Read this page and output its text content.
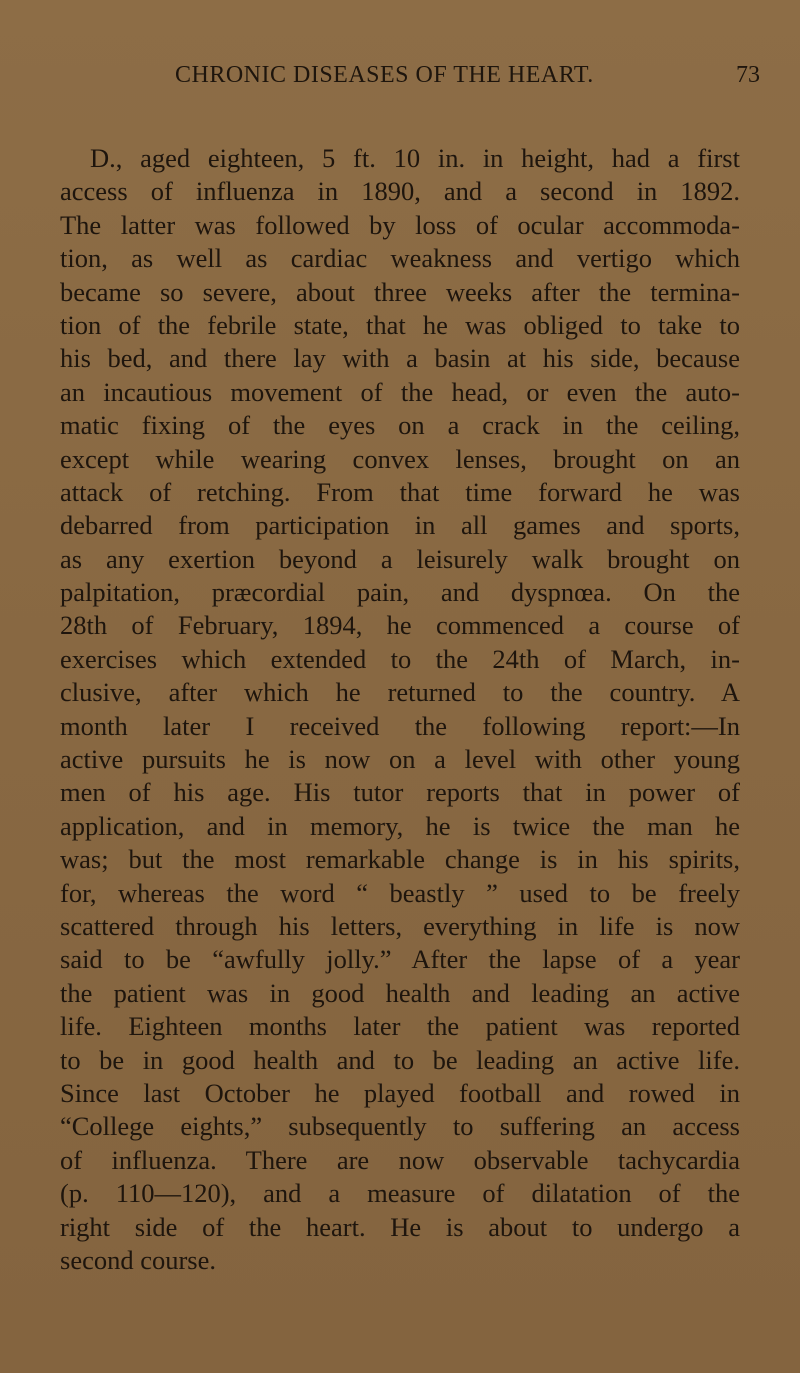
CHRONIC DISEASES OF THE HEART.	73
D., aged eighteen, 5 ft. 10 in. in height, had a first
access of influenza in 1890, and a second in 1892.
The latter was followed by loss of ocular accommoda-
tion, as well as cardiac weakness and vertigo which
became so severe, about three weeks after the termina-
tion of the febrile state, that he was obliged to take to
his bed, and there lay with a basin at his side, because
an incautious movement of the head, or even the auto-
matic fixing of the eyes on a crack in the ceiling,
except while wearing convex lenses, brought on an
attack of retching. From that time forward he was
debarred from participation in all games and sports,
as any exertion beyond a leisurely walk brought on
palpitation, præcordial pain, and dyspnœa. On the
28th of February, 1894, he commenced a course of
exercises which extended to the 24th of March, in-
clusive, after which he returned to the country. A
month later I received the following report:—In
active pursuits he is now on a level with other young
men of his age. His tutor reports that in power of
application, and in memory, he is twice the man he
was; but the most remarkable change is in his spirits,
for, whereas the word “ beastly ” used to be freely
scattered through his letters, everything in life is now
said to be “awfully jolly.” After the lapse of a year
the patient was in good health and leading an active
life. Eighteen months later the patient was reported
to be in good health and to be leading an active life.
Since last October he played football and rowed in
“College eights,” subsequently to suffering an access
of influenza. There are now observable tachycardia
(p. 110—120), and a measure of dilatation of the
right side of the heart. He is about to undergo a
second course.
